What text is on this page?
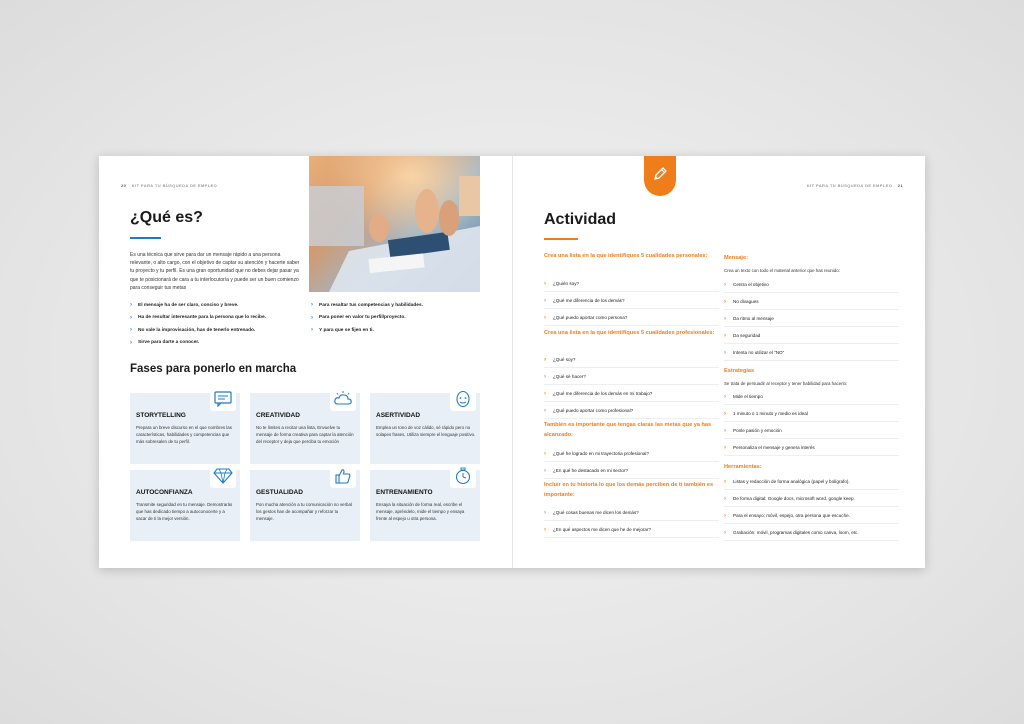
20 KIT PARA TU BÚSQUEDA DE EMPLEO
¿Qué es?
Es una técnica que sirve para dar un mensaje rápido a una persona relevante, o alto cargo, con el objetivo de captar su atención y hacerte saber tu proyecto y tu perfil. Es una gran oportunidad que no debes dejar pasar ya que te posicionará de cara a tu interlocutor/a y puede ser un buen comienzo para conseguir tus metas
› El mensaje ha de ser claro, conciso y breve.
› Ha de resultar interesante para la persona que lo recibe.
› No vale la improvisación, has de tenerlo entrenado.
› Sirve para darte a conocer.
› Para resaltar tus competencias y habilidades.
› Para poner en valor tu perfil/proyecto.
› Y para que se fijen en ti.
Fases para ponerlo en marcha
STORYTELLING
Prepara un breve discurso en el que nombres las características, habilidades y competencias que más sobresalen de tu perfil.
CREATIVIDAD
No te limites a recitar una lista, Envuelve tu mensaje de forma creativa para captar la atención del receptor y deja que perciba tu emoción
ASERTIVIDAD
Emplea un tono de voz cálido, sé rápido pero no solapes frases, Utiliza siempre el lenguaje positivo.
AUTOCONFIANZA
Transmite seguridad en tu mensaje. Demostrarás que has dedicado tiempo a autoconocerte y a sacar de ti la mejor versión.
GESTUALIDAD
Pon mucha atención a tu comunicación no verbal los gestos han de acompañar y reforzar tu mensaje.
ENTRENAMIENTO
Ensaya la situación de forma real, escribe el mensaje, apréndelo, mide el tiempo y ensaya frente al espejo u otra persona.
KIT PARA TU BÚSQUEDA DE EMPLEO 21
Actividad
Crea una lista en la que identifiques 5 cualidades personales:
› ¿Quién soy?
› ¿Qué me diferencia de los demás?
› ¿Qué puedo aportar como persona?
Crea una lista en la que identifiques 5 cualidades profesionales:
› ¿Qué soy?
› ¿Qué sé hacer?
› ¿Qué me diferencia de los demás en mi trabajo?
› ¿Qué puedo aportar como profesional?
También es importante que tengas claras las metas que ya has alcanzado:
› ¿Qué he logrado en mi trayectoria profesional?
› ¿En qué he destacado en mi sector?
Incluir en tu historia lo que los demás perciben de ti también es importante:
› ¿Qué cosas buenas me dicen los demás?
› ¿En qué aspectos me dicen que he de mejorar?
Mensaje:
Crea un texto con todo el material anterior que has reunido:
› Centra el objetivo
› No divagues
› Da ritmo al mensaje
› Da seguridad
› Intenta no utilizar el "NO"
Estrategias
Se trata de persuadir al receptor y tener habilidad para hacerlo:
› Mide el tiempo
› 1 minuto o 1 minuto y medio es ideal
› Ponle pasión y emoción
› Personaliza el mensaje y genera interés
Herramientas:
› Listas y redacción de forma analógica (papel y bolígrafo).
› De forma digital: Google docs, microsoft word, google keep.
› Para el ensayo: móvil, espejo, otra persona que escuche.
› Grabación: móvil, programas digitales como canva, loom, etc.
